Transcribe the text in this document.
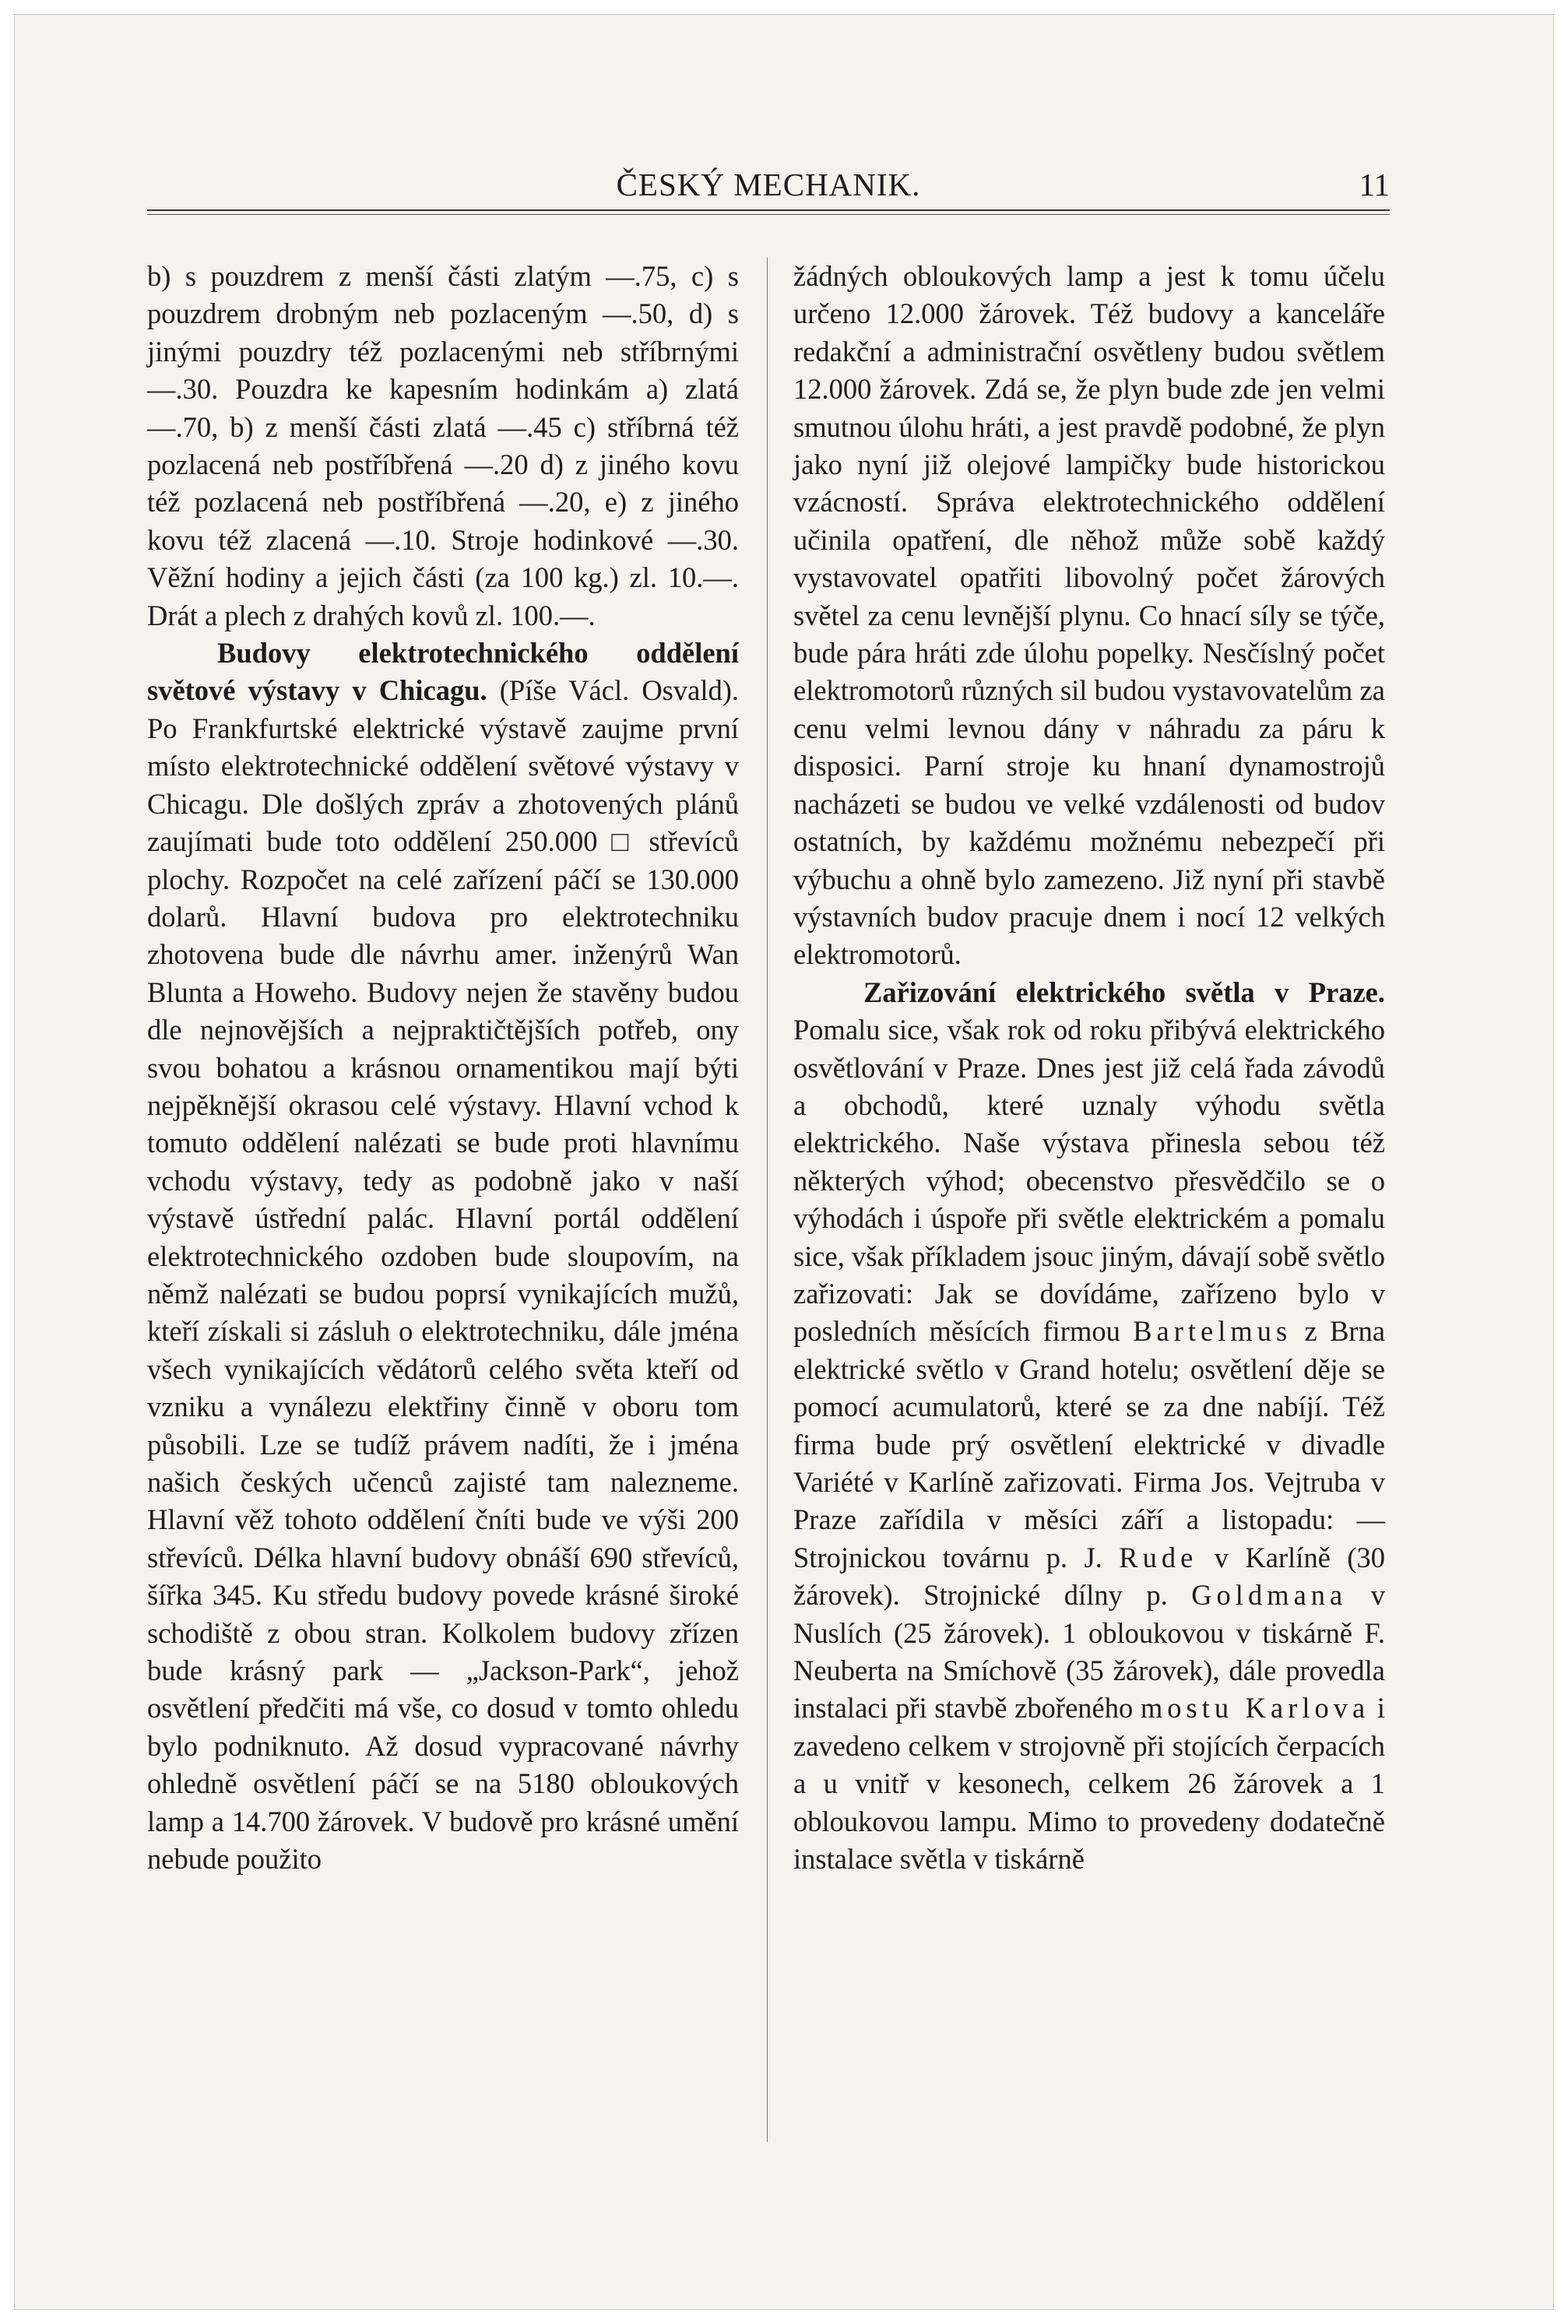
ČESKÝ MECHANIK.	11

b) s pouzdrem z menší části zlatým —.75, c) s pouzdrem drobným neb pozlaceným —.50, d) s jinými pouzdry též pozlacenými neb stříbrnými —.30. Pouzdra ke kapesním hodinkám a) zlatá —.70, b) z menší části zlatá —.45 c) stříbrná též pozlacená neb postříbřená —.20 d) z jiného kovu též pozlacená neb postříbřená —.20, e) z jiného kovu též zlacená —.10. Stroje hodinkové —.30. Věžní hodiny a jejich části (za 100 kg.) zl. 10.—. Drát a plech z drahých kovů zl. 100.—.

Budovy elektrotechnického oddělení světové výstavy v Chicagu. (Píše Václ. Osvald). Po Frankfurtské elektrické výstavě zaujme první místo elektrotechnické oddělení světové výstavy v Chicagu. Dle došlých zpráv a zhotovených plánů zaujímati bude toto oddělení 250.000 □ střevíců plochy. Rozpočet na celé zařízení páčí se 130.000 dolarů. Hlavní budova pro elektrotechniku zhotovena bude dle návrhu amer. inženýrů Wan Blunta a Howeho. Budovy nejen že stavěny budou dle nejnovějších a nejpraktičtějších potřeb, ony svou bohatou a krásnou ornamentikou mají býti nejpěknější okrasou celé výstavy. Hlavní vchod k tomuto oddělení nalézati se bude proti hlavnímu vchodu výstavy, tedy as podobně jako v naší výstavě ústřední palác. Hlavní portál oddělení elektrotechnického ozdoben bude sloupovím, na němž nalézati se budou poprsí vynikajících mužů, kteří získali si zásluh o elektrotechniku, dále jména všech vynikajících vědátorů celého světa kteří od vzniku a vynálezu elektřiny činně v oboru tom působili. Lze se tudíž právem nadíti, že i jména našich českých učenců zajisté tam nalezneme. Hlavní věž tohoto oddělení čníti bude ve výši 200 střevíců. Délka hlavní budovy obnáší 690 střevíců, šířka 345. Ku středu budovy povede krásné široké schodiště z obou stran. Kolkolem budovy zřízen bude krásný park — „Jackson-Park“, jehož osvětlení předčiti má vše, co dosud v tomto ohledu bylo podniknuto. Až dosud vypracované návrhy ohledně osvětlení páčí se na 5180 obloukových lamp a 14.700 žárovek. V budově pro krásné umění nebude použito

žádných obloukových lamp a jest k tomu účelu určeno 12.000 žárovek. Též budovy a kanceláře redakční a administrační osvětleny budou světlem 12.000 žárovek. Zdá se, že plyn bude zde jen velmi smutnou úlohu hráti, a jest pravdě podobné, že plyn jako nyní již olejové lampičky bude historickou vzácností. Správa elektrotechnického oddělení učinila opatření, dle něhož může sobě každý vystavovatel opatřiti libovolný počet žárových světel za cenu levnější plynu. Co hnací síly se týče, bude pára hráti zde úlohu popelky. Nesčíslný počet elektromotorů různých sil budou vystavovatelům za cenu velmi levnou dány v náhradu za páru k disposici. Parní stroje ku hnaní dynamostrojů nacházeti se budou ve velké vzdálenosti od budov ostatních, by každému možnému nebezpečí při výbuchu a ohně bylo zamezeno. Již nyní při stavbě výstavních budov pracuje dnem i nocí 12 velkých elektromotorů.

Zařizování elektrického světla v Praze. Pomalu sice, však rok od roku přibývá elektrického osvětlování v Praze. Dnes jest již celá řada závodů a obchodů, které uznaly výhodu světla elektrického. Naše výstava přinesla sebou též některých výhod; obecenstvo přesvědčilo se o výhodách i úspoře při světle elektrickém a pomalu sice, však příkladem jsouc jiným, dávají sobě světlo zařizovati: Jak se dovídáme, zařízeno bylo v posledních měsících firmou Bartelmus z Brna elektrické světlo v Grand hotelu; osvětlení děje se pomocí acumulatorů, které se za dne nabíjí. Též firma bude prý osvětlení elektrické v divadle Variété v Karlíně zařizovati. Firma Jos. Vejtruba v Praze zařídila v měsíci září a listopadu: — Strojnickou továrnu p. J. Rude v Karlíně (30 žárovek). Strojnické dílny p. Goldmana v Nuslích (25 žárovek). 1 obloukovou v tiskárně F. Neuberta na Smíchově (35 žárovek), dále provedla instalaci při stavbě zbořeného mostu Karlova i zavedeno celkem v strojovně při stojících čerpacích a u vnitř v kesonech, celkem 26 žárovek a 1 obloukovou lampu. Mimo to provedeny dodatečně instalace světla v tiskárně
